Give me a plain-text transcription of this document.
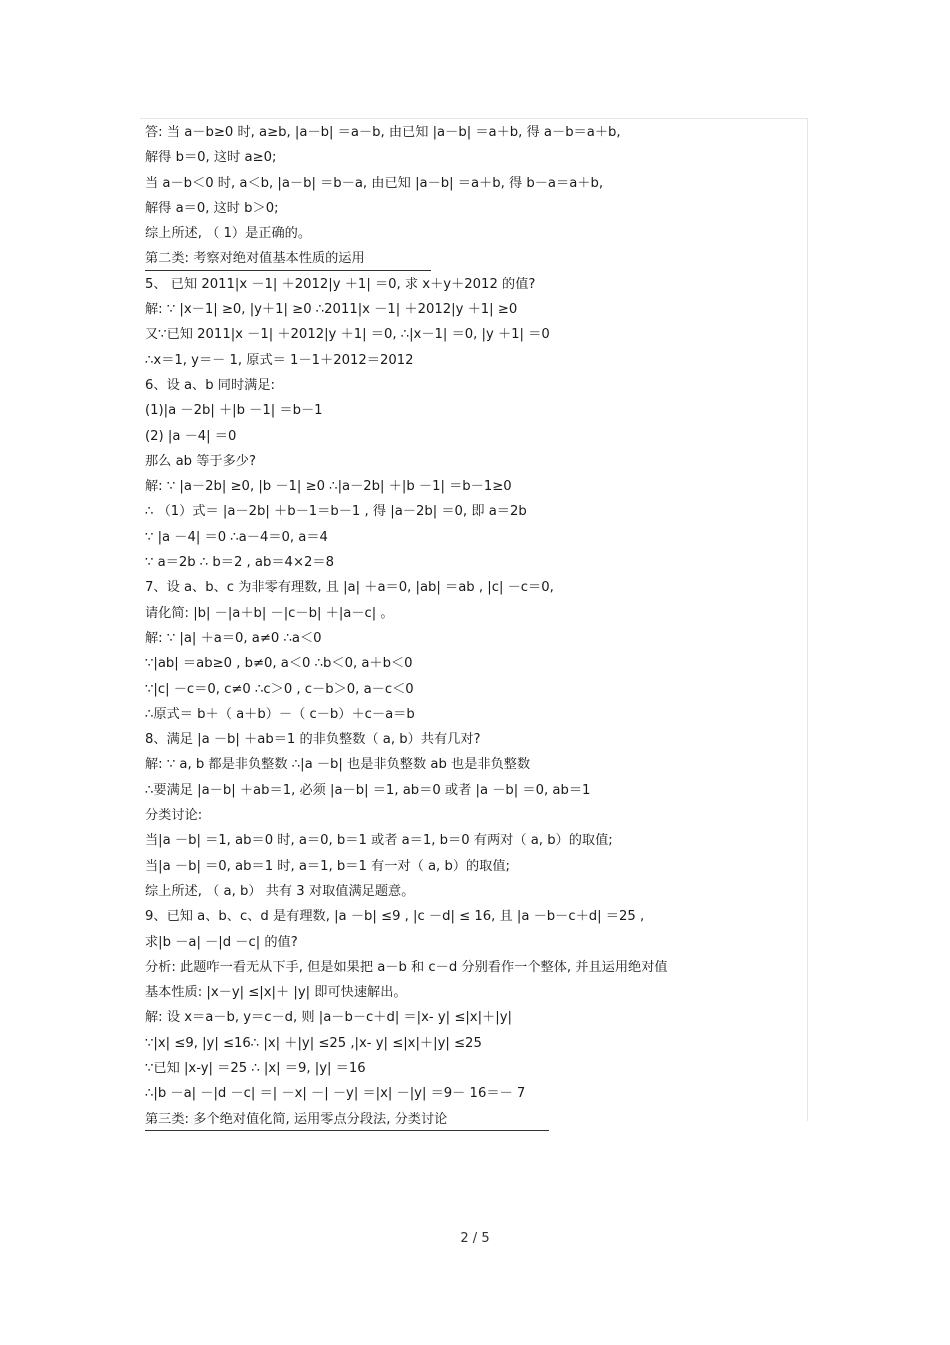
答: 当 a－b≥0 时, a≥b, |a－b| ＝a－b, 由已知 |a－b| ＝a＋b, 得 a－b＝a＋b,
解得 b＝0, 这时 a≥0;
当 a－b＜0 时, a＜b, |a－b| ＝b－a, 由已知 |a－b| ＝a＋b, 得 b－a＝a＋b,
解得 a＝0, 这时 b＞0;
综上所述, （ 1）是正确的。
第二类: 考察对绝对值基本性质的运用
5、 已知 2011|x －1| ＋2012|y ＋1| ＝0, 求 x＋y＋2012 的值?
解: ∵ |x－1| ≥0, |y＋1| ≥0 ∴2011|x －1| ＋2012|y ＋1| ≥0
又∵已知 2011|x －1| ＋2012|y ＋1| ＝0, ∴|x－1| ＝0, |y ＋1| ＝0
∴x＝1, y＝－ 1, 原式＝ 1－1＋2012＝2012
6、设 a、b 同时满足:
(1)|a －2b| ＋|b －1| ＝b－1
(2) |a －4| ＝0
那么 ab 等于多少?
解: ∵ |a－2b| ≥0, |b －1| ≥0 ∴|a－2b| ＋|b －1| ＝b－1≥0
∴ （1）式＝ |a－2b| ＋b－1＝b－1 , 得 |a－2b| ＝0, 即 a＝2b
∵ |a －4| ＝0 ∴a－4＝0, a＝4
∵ a＝2b ∴ b＝2 , ab＝4×2＝8
7、设 a、b、c 为非零有理数, 且 |a| ＋a＝0, |ab| ＝ab , |c| －c＝0,
请化简: |b| －|a＋b| －|c－b| ＋|a－c| 。
解: ∵ |a| ＋a＝0, a≠0 ∴a＜0
∵|ab| ＝ab≥0 , b≠0, a＜0 ∴b＜0, a＋b＜0
∵|c| －c＝0, c≠0 ∴c＞0 , c－b＞0, a－c＜0
∴原式＝ b＋（ a＋b）－（ c－b）＋c－a＝b
8、满足 |a －b| ＋ab＝1 的非负整数（ a, b）共有几对?
解: ∵ a, b 都是非负整数 ∴|a －b| 也是非负整数 ab 也是非负整数
∴要满足 |a－b| ＋ab＝1, 必须 |a－b| ＝1, ab＝0 或者 |a －b| ＝0, ab＝1
分类讨论:
当|a －b| ＝1, ab＝0 时, a＝0, b＝1 或者 a＝1, b＝0 有两对（ a, b）的取值;
当|a －b| ＝0, ab＝1 时, a＝1, b＝1 有一对（ a, b）的取值;
综上所述, （ a, b） 共有 3 对取值满足题意。
9、已知 a、b、c、d 是有理数, |a －b| ≤9 , |c －d| ≤ 16, 且 |a －b－c＋d| ＝25 ,
求|b －a| －|d －c| 的值?
分析: 此题咋一看无从下手, 但是如果把 a－b 和 c－d 分别看作一个整体, 并且运用绝对值
基本性质: |x－y| ≤|x|＋ |y| 即可快速解出。
解: 设 x＝a－b, y＝c－d, 则 |a－b－c＋d| ＝|x- y| ≤|x|＋|y|
∵|x| ≤9, |y| ≤16∴ |x| ＋|y| ≤25 ,|x- y| ≤|x|＋|y| ≤25
∵已知 |x-y| ＝25 ∴ |x| ＝9, |y| ＝16
∴|b －a| －|d －c| ＝| －x| －| －y| ＝|x| －|y| ＝9－ 16＝－ 7
第三类: 多个绝对值化简, 运用零点分段法, 分类讨论
2 / 5
